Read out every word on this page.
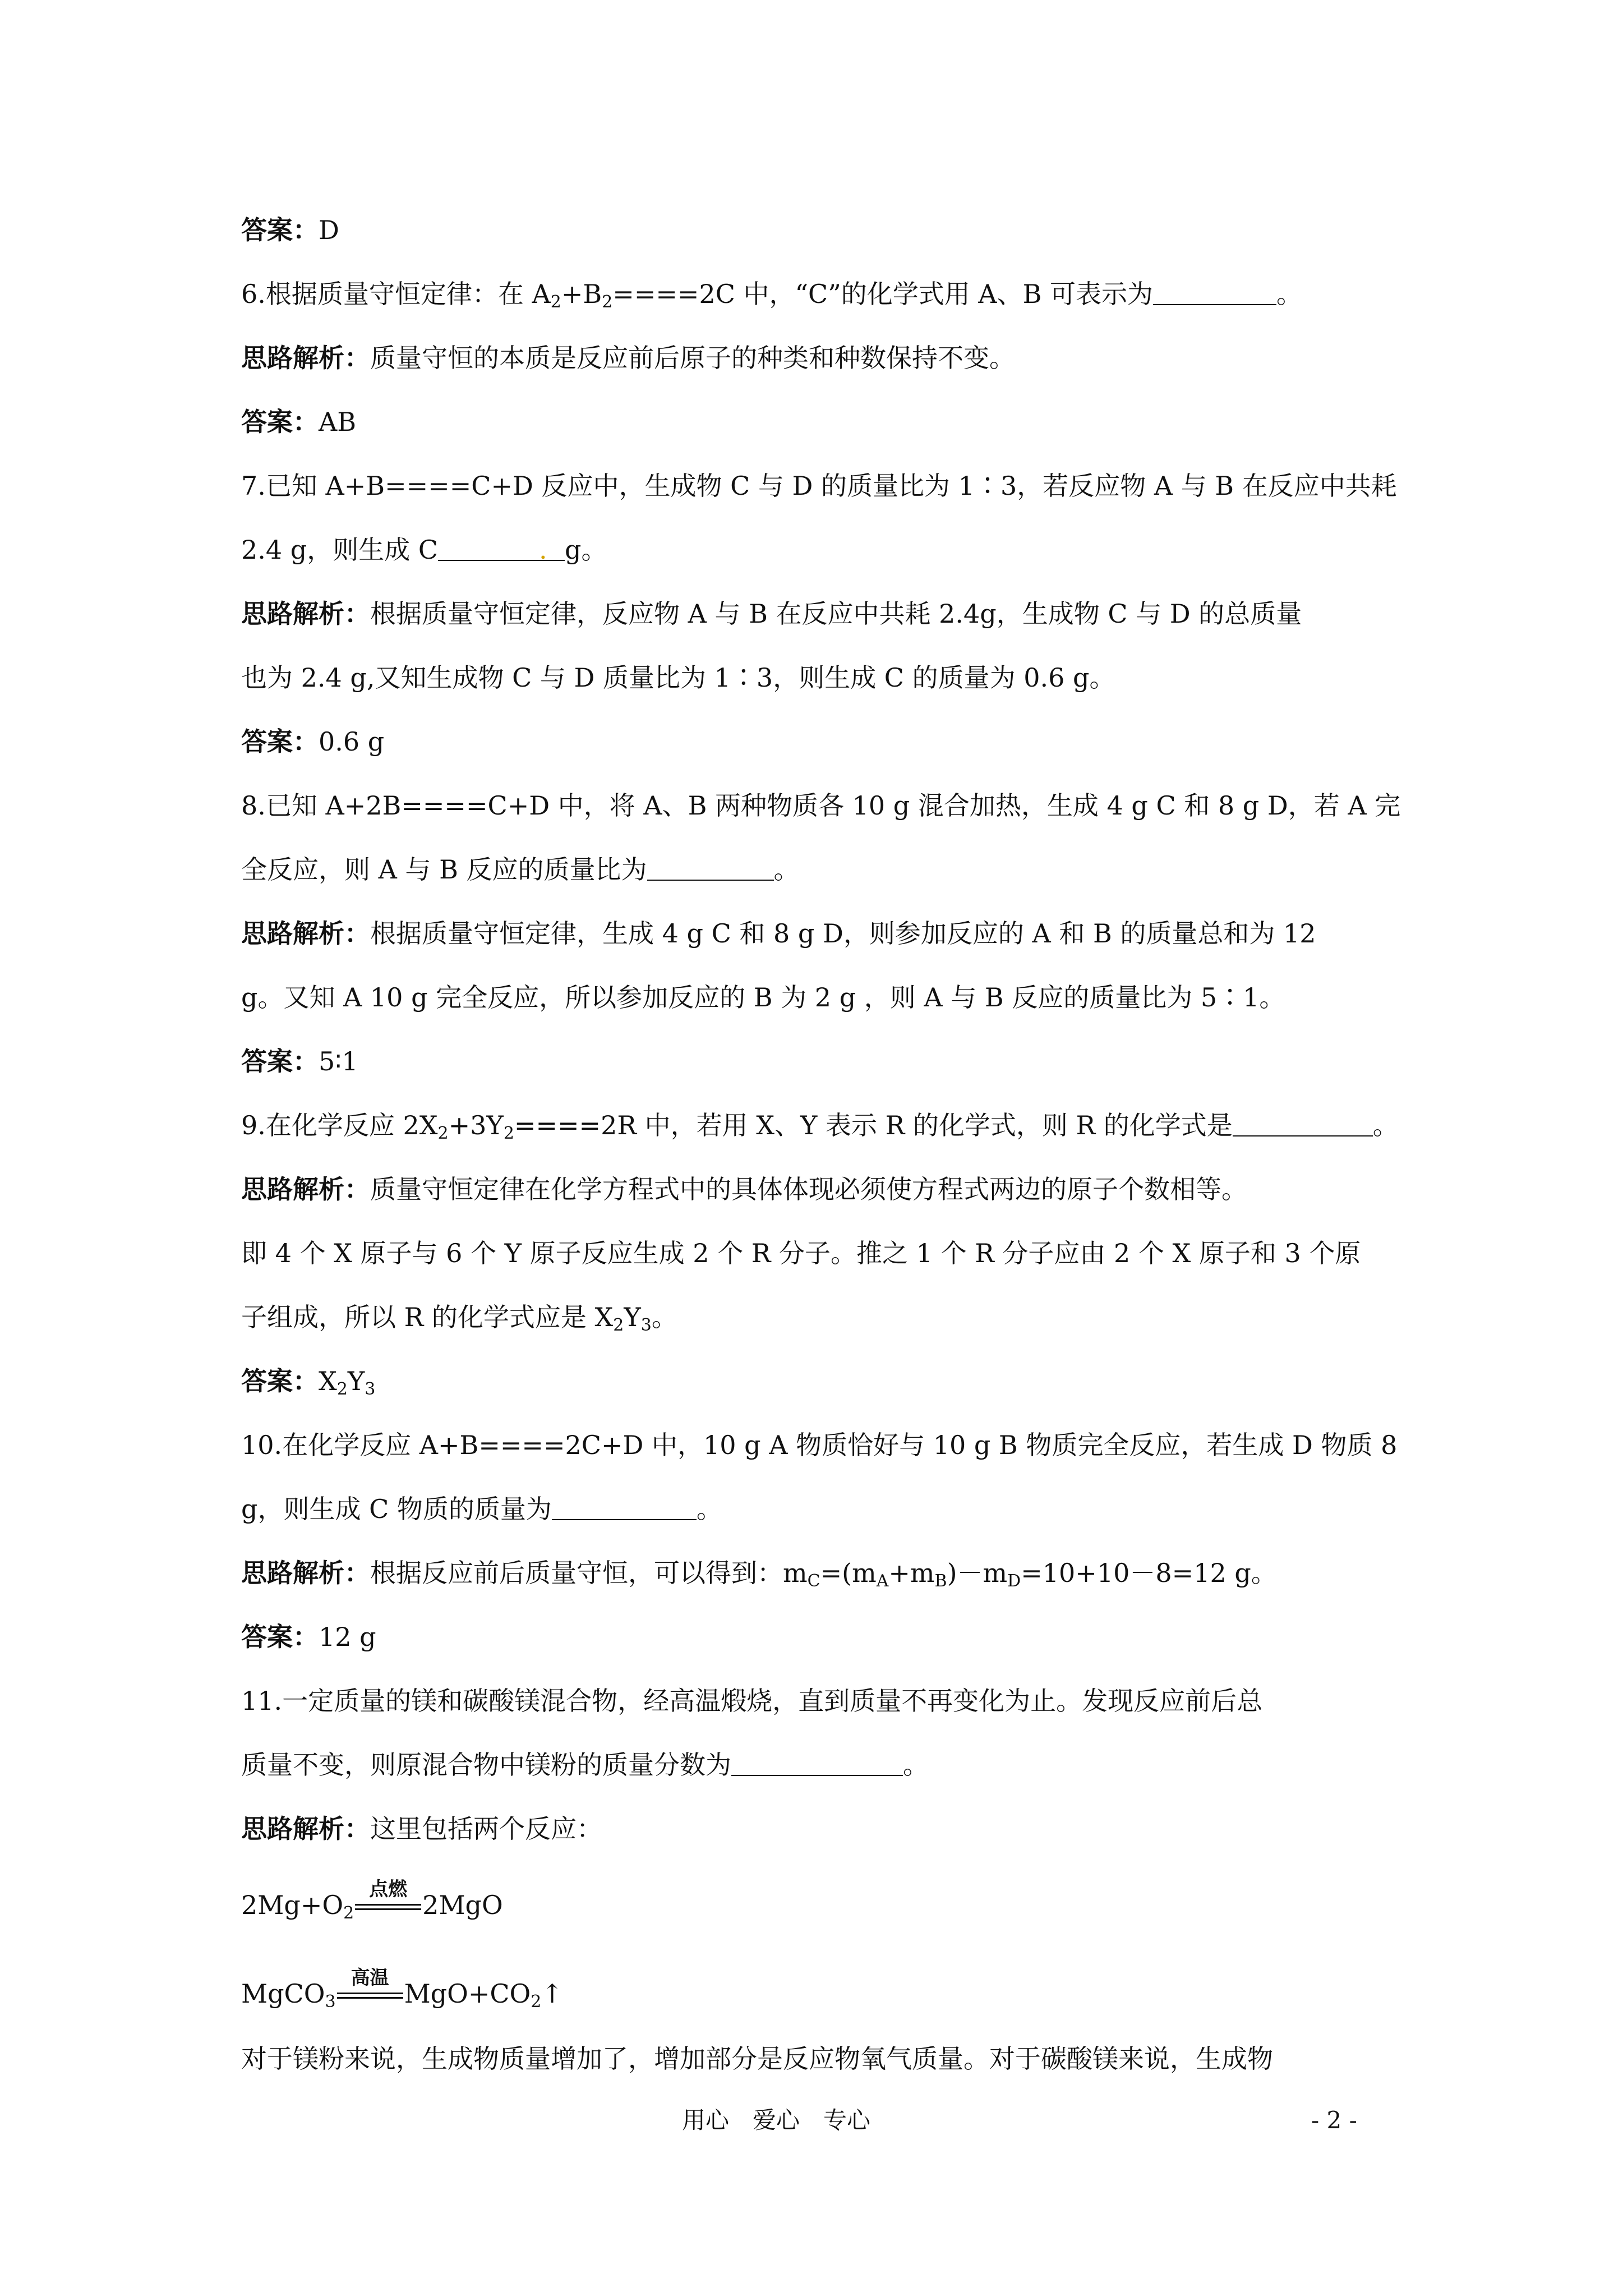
答案：D
6.根据质量守恒定律：在 $A_2+B_2====2C$ 中，“C”的化学式用 A、B 可表示为	。
思路解析：质量守恒的本质是反应前后原子的种类和种数保持不变。
答案：AB
7.已知 A+B====C+D 反应中，生成物 C 与 D 的质量比为 1∶3，若反应物 A 与 B 在反应中共耗
2.4 g，则生成 C	. g。
思路解析：根据质量守恒定律，反应物 A 与 B 在反应中共耗 2.4g，生成物 C 与 D 的总质量
也为 2.4 g,又知生成物 C 与 D 质量比为 1∶3，则生成 C 的质量为 0.6 g。
答案：0.6 g
8.已知 A+2B====C+D 中，将 A、B 两种物质各 10 g 混合加热，生成 4 g C 和 8 g D，若 A 完
全反应，则 A 与 B 反应的质量比为	。
思路解析：根据质量守恒定律，生成 4 g C 和 8 g D，则参加反应的 A 和 B 的质量总和为 12
g。又知 A 10 g 完全反应，所以参加反应的 B 为 2 g ，则 A 与 B 反应的质量比为 5∶1。
答案：5∶1
9.在化学反应 $2X_2+3Y_2====2R$ 中，若用 X、Y 表示 R 的化学式，则 R 的化学式是	。
思路解析：质量守恒定律在化学方程式中的具体体现必须使方程式两边的原子个数相等。
即 4 个 X 原子与 6 个 Y 原子反应生成 2 个 R 分子。推之 1 个 R 分子应由 2 个 X 原子和 3 个原
子组成，所以 R 的化学式应是 $X_2Y_3$。
答案：$X_2Y_3$
10.在化学反应 A+B====2C+D 中，10 g A 物质恰好与 10 g B 物质完全反应，若生成 D 物质 8
g，则生成 C 物质的质量为	。
思路解析：根据反应前后质量守恒，可以得到：$m_C=(m_A+m_B)-m_D=10+10-8=12$ g。
答案：12 g
11.一定质量的镁和碳酸镁混合物，经高温煅烧，直到质量不再变化为止。发现反应前后总
质量不变，则原混合物中镁粉的质量分数为	。
思路解析：这里包括两个反应：
$2Mg+O_2$
点燃
2MgO
MgCO$_3$
高温
$MgO+CO_2↑$
对于镁粉来说，生成物质量增加了，增加部分是反应物氧气质量。对于碳酸镁来说，生成物
用心　爱心　专心	- 2 -
